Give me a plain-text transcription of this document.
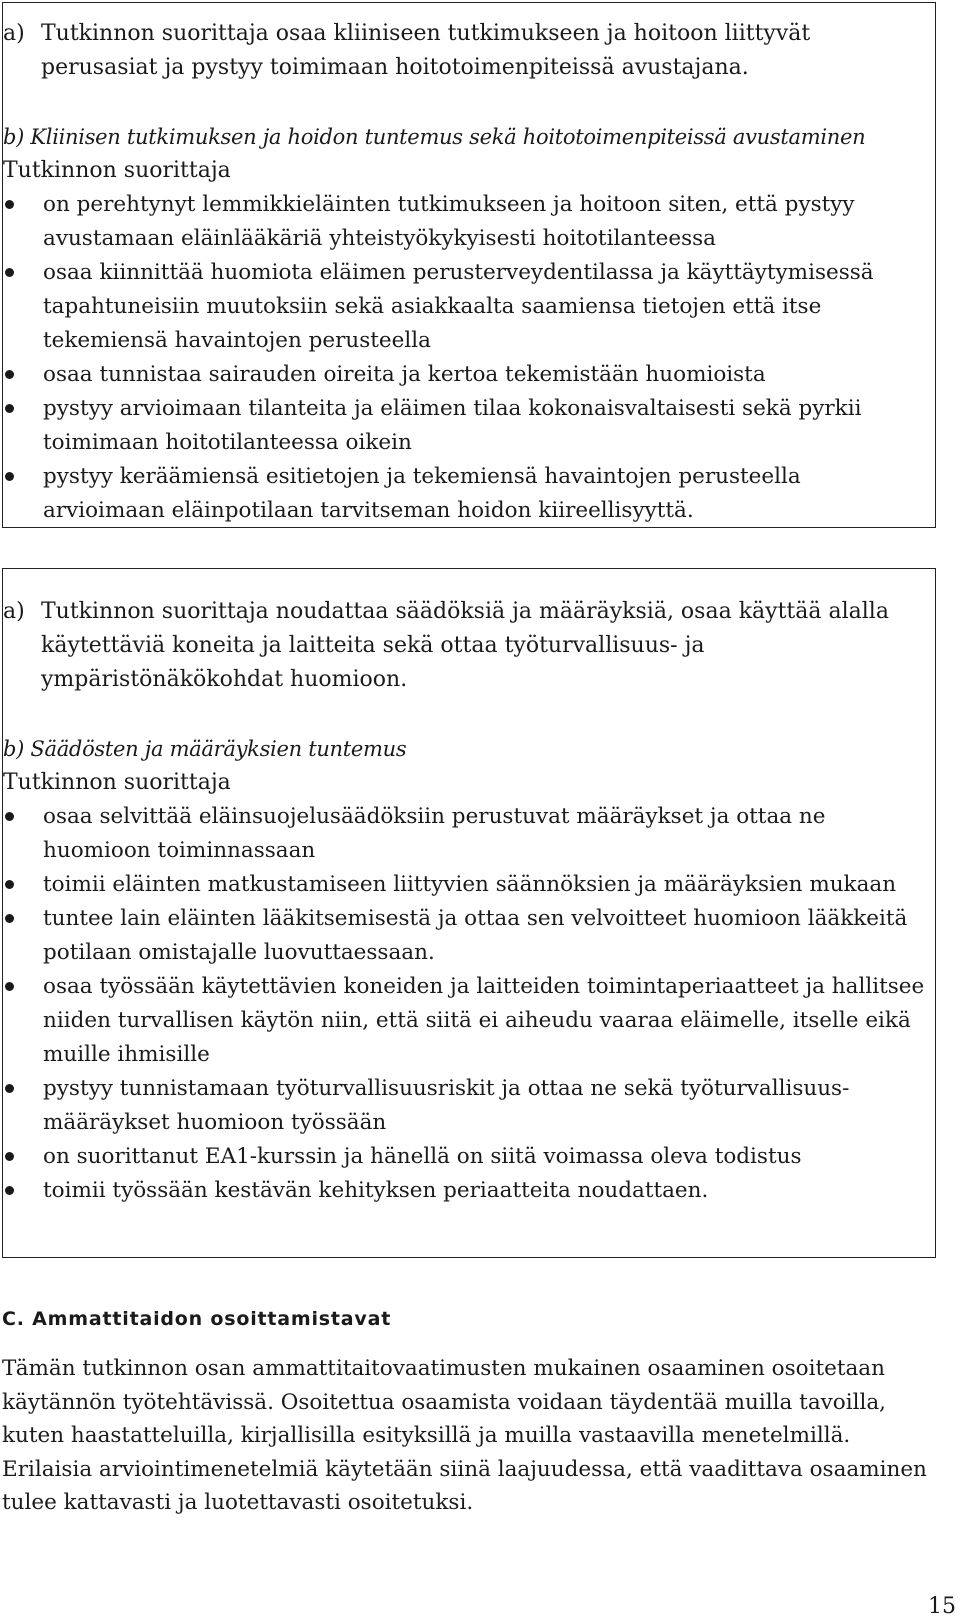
a) Tutkinnon suorittaja osaa kliiniseen tutkimukseen ja hoitoon liittyvät perusasiat ja pystyy toimimaan hoitotoimenpiteissä avustajana.
b) Kliinisen tutkimuksen ja hoidon tuntemus sekä hoitotoimenpiteissä avustaminen
Tutkinnon suorittaja
on perehtynyt lemmikkieläinten tutkimukseen ja hoitoon siten, että pystyy avustamaan eläinlääkäriä yhteistyökykyisesti hoitotilanteessa
osaa kiinnittää huomiota eläimen perusterveydentilassa ja käyttäytymisessä tapahtuneisiin muutoksiin sekä asiakkaalta saamiensa tietojen että itse tekemiensä havaintojen perusteella
osaa tunnistaa sairauden oireita ja kertoa tekemistään huomioista
pystyy arvioimaan tilanteita ja eläimen tilaa kokonaisvaltaisesti sekä pyrkii toimimaan hoitotilanteessa oikein
pystyy keräämiensä esitietojen ja tekemiensä havaintojen perusteella arvioimaan eläinpotilaan tarvitseman hoidon kiireellisyyttä.
a) Tutkinnon suorittaja noudattaa säädöksiä ja määräyksiä, osaa käyttää alalla käytettäviä koneita ja laitteita sekä ottaa työturvallisuus- ja ympäristönäkökohdat huomioon.
b) Säädösten ja määräyksien tuntemus
Tutkinnon suorittaja
osaa selvittää eläinsuojelusäädöksiin perustuvat määräykset ja ottaa ne huomioon toiminnassaan
toimii eläinten matkustamiseen liittyvien säännöksien ja määräyksien mukaan
tuntee lain eläinten lääkitsemisestä ja ottaa sen velvoitteet huomioon lääkkeitä potilaan omistajalle luovuttaessaan.
osaa työssään käytettävien koneiden ja laitteiden toimintaperiaatteet ja hallitsee niiden turvallisen käytön niin, että siitä ei aiheudu vaaraa eläimelle, itselle eikä muille ihmisille
pystyy tunnistamaan työturvallisuusriskit ja ottaa ne sekä työturvallisuus-määräykset huomioon työssään
on suorittanut EA1-kurssin ja hänellä on siitä voimassa oleva todistus
toimii työssään kestävän kehityksen periaatteita noudattaen.
C. Ammattitaidon osoittamistavat

Tämän tutkinnon osan ammattitaitovaatimusten mukainen osaaminen osoitetaan käytännön työtehtävissä. Osoitettua osaamista voidaan täydentää muilla tavoilla, kuten haastatteluilla, kirjallisilla esityksillä ja muilla vastaavilla menetelmillä. Erilaisia arviointimenetelmiä käytetään siinä laajuudessa, että vaadittava osaaminen tulee kattavasti ja luotettavasti osoitetuksi.

15
